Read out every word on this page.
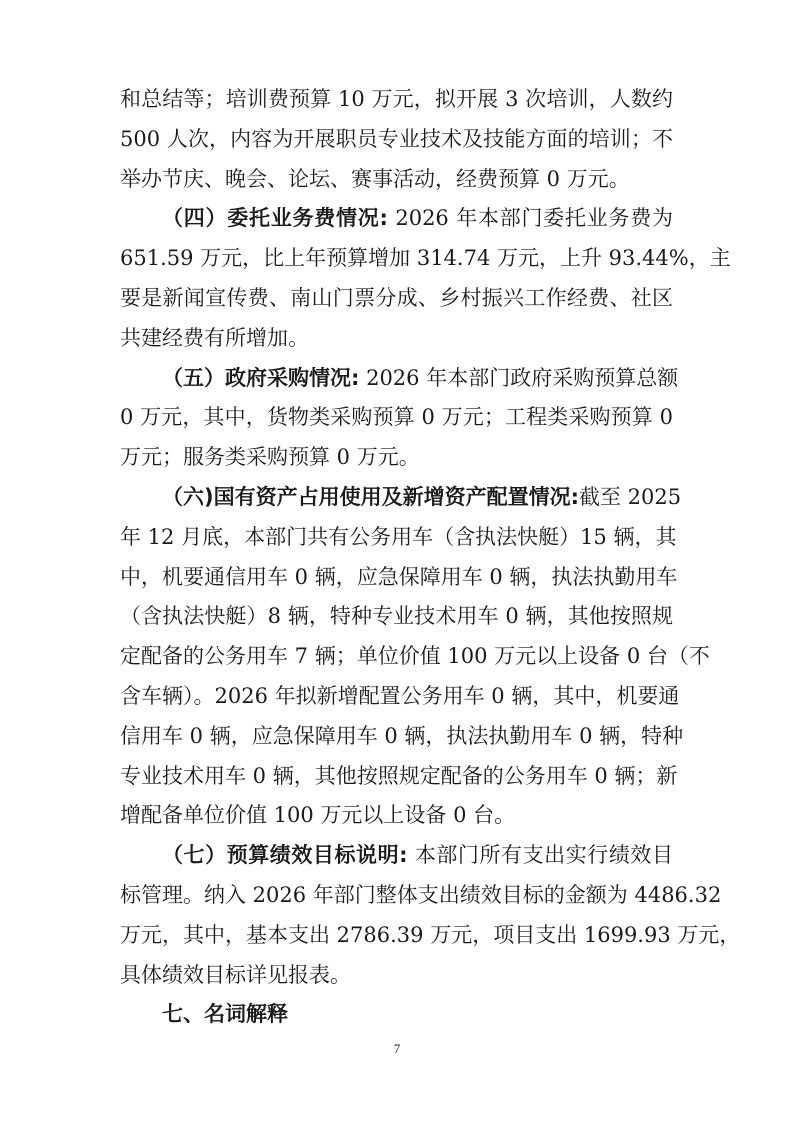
和总结等；培训费预算 10 万元，拟开展 3 次培训，人数约
500 人次，内容为开展职员专业技术及技能方面的培训；不
举办节庆、晚会、论坛、赛事活动，经费预算 0 万元。
（四）委托业务费情况: 2026 年本部门委托业务费为
651.59 万元，比上年预算增加 314.74 万元，上升 93.44%，主
要是新闻宣传费、南山门票分成、乡村振兴工作经费、社区
共建经费有所增加。
（五）政府采购情况: 2026 年本部门政府采购预算总额
0 万元，其中，货物类采购预算 0 万元；工程类采购预算 0
万元；服务类采购预算 0 万元。
（六)国有资产占用使用及新增资产配置情况:截至 2025
年 12 月底，本部门共有公务用车（含执法快艇）15 辆，其
中，机要通信用车 0 辆，应急保障用车 0 辆，执法执勤用车
（含执法快艇）8 辆，特种专业技术用车 0 辆，其他按照规
定配备的公务用车 7 辆；单位价值 100 万元以上设备 0 台（不
含车辆）。2026 年拟新增配置公务用车 0 辆，其中，机要通
信用车 0 辆，应急保障用车 0 辆，执法执勤用车 0 辆，特种
专业技术用车 0 辆，其他按照规定配备的公务用车 0 辆；新
增配备单位价值 100 万元以上设备 0 台。
（七）预算绩效目标说明: 本部门所有支出实行绩效目
标管理。纳入 2026 年部门整体支出绩效目标的金额为 4486.32
万元，其中，基本支出 2786.39 万元，项目支出 1699.93 万元，
具体绩效目标详见报表。
七、名词解释
7
